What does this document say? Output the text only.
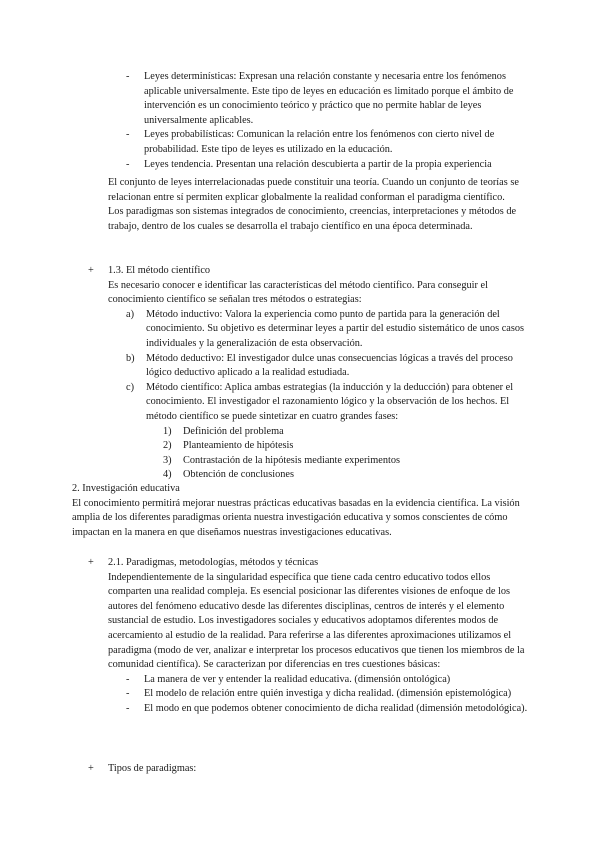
- Leyes determinísticas: Expresan una relación constante y necesaria entre los fenómenos aplicable universalmente. Este tipo de leyes en educación es limitado porque el ámbito de intervención es un conocimiento teórico y práctico que no permite hablar de leyes universalmente aplicables.

- Leyes probabilísticas: Comunican la relación entre los fenómenos con cierto nivel de probabilidad. Este tipo de leyes es utilizado en la educación.

- Leyes tendencia. Presentan una relación descubierta a partir de la propia experiencia

El conjunto de leyes interrelacionadas puede constituir una teoría. Cuando un conjunto de teorías se relacionan entre sí permiten explicar globalmente la realidad conforman el paradigma científico.

Los paradigmas son sistemas integrados de conocimiento, creencias, interpretaciones y métodos de trabajo, dentro de los cuales se desarrolla el trabajo científico en una época determinada.

+	1.3. El método científico

Es necesario conocer e identificar las características del método científico. Para conseguir el conocimiento científico se señalan tres métodos o estrategias:

a) Método inductivo: Valora la experiencia como punto de partida para la generación del conocimiento. Su objetivo es determinar leyes a partir del estudio sistemático de unos casos individuales y la generalización de esta observación.

b) Método deductivo: El investigador dulce unas consecuencias lógicas a través del proceso lógico deductivo aplicado a la realidad estudiada.

c) Método científico: Aplica ambas estrategias (la inducción y la deducción) para obtener el conocimiento. El investigador el razonamiento lógico y la observación de los hechos. El método científico se puede sintetizar en cuatro grandes fases:

1) Definición del problema

2) Planteamiento de hipótesis

3) Contrastación de la hipótesis mediante experimentos

4) Obtención de conclusiones

2. Investigación educativa

El conocimiento permitirá mejorar nuestras prácticas educativas basadas en la evidencia científica. La visión amplia de los diferentes paradigmas orienta nuestra investigación educativa y somos conscientes de cómo impactan en la manera en que diseñamos nuestras investigaciones educativas.

+	2.1. Paradigmas, metodologías, métodos y técnicas

Independientemente de la singularidad específica que tiene cada centro educativo todos ellos comparten una realidad compleja. Es esencial posicionar las diferentes visiones de enfoque de los autores del fenómeno educativo desde las diferentes disciplinas, centros de interés y el elemento sustancial de estudio. Los investigadores sociales y educativos adoptamos diferentes modos de acercamiento al estudio de la realidad. Para referirse a las diferentes aproximaciones utilizamos el paradigma (modo de ver, analizar e interpretar los procesos educativos que tienen los miembros de la comunidad científica). Se caracterizan por diferencias en tres cuestiones básicas:

- La manera de ver y entender la realidad educativa. (dimensión ontológica)

- El modelo de relación entre quién investiga y dicha realidad. (dimensión epistemológica)

- El modo en que podemos obtener conocimiento de dicha realidad (dimensión metodológica).

+	Tipos de paradigmas:
